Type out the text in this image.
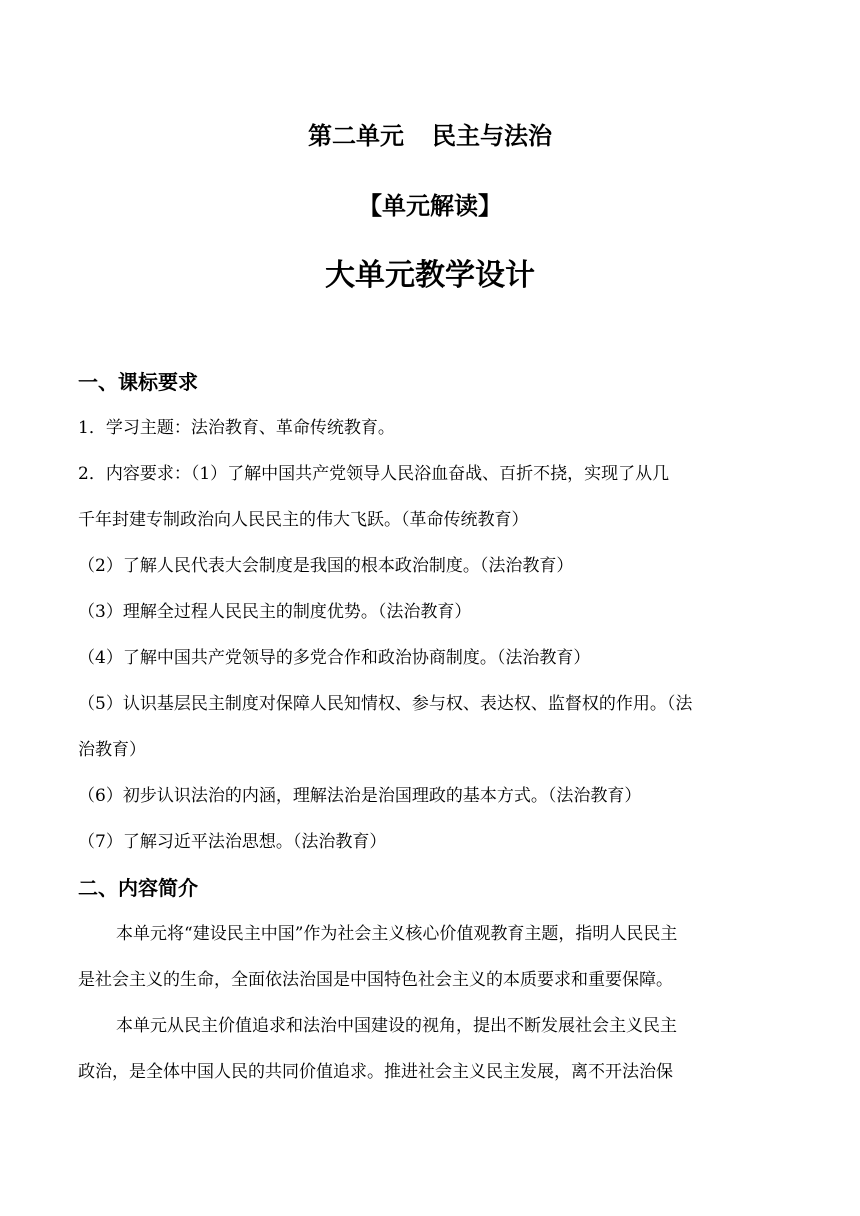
第二单元 民主与法治
【单元解读】
大单元教学设计
一、课标要求
1．学习主题：法治教育、革命传统教育。
2．内容要求：（1）了解中国共产党领导人民浴血奋战、百折不挠，实现了从几
千年封建专制政治向人民民主的伟大飞跃。（革命传统教育）
（2）了解人民代表大会制度是我国的根本政治制度。（法治教育）
（3）理解全过程人民民主的制度优势。（法治教育）
（4）了解中国共产党领导的多党合作和政治协商制度。（法治教育）
（5）认识基层民主制度对保障人民知情权、参与权、表达权、监督权的作用。（法
治教育）
（6）初步认识法治的内涵，理解法治是治国理政的基本方式。（法治教育）
（7）了解习近平法治思想。（法治教育）
二、内容简介
本单元将“建设民主中国”作为社会主义核心价值观教育主题，指明人民民主
是社会主义的生命，全面依法治国是中国特色社会主义的本质要求和重要保障。
本单元从民主价值追求和法治中国建设的视角，提出不断发展社会主义民主
政治，是全体中国人民的共同价值追求。推进社会主义民主发展，离不开法治保
